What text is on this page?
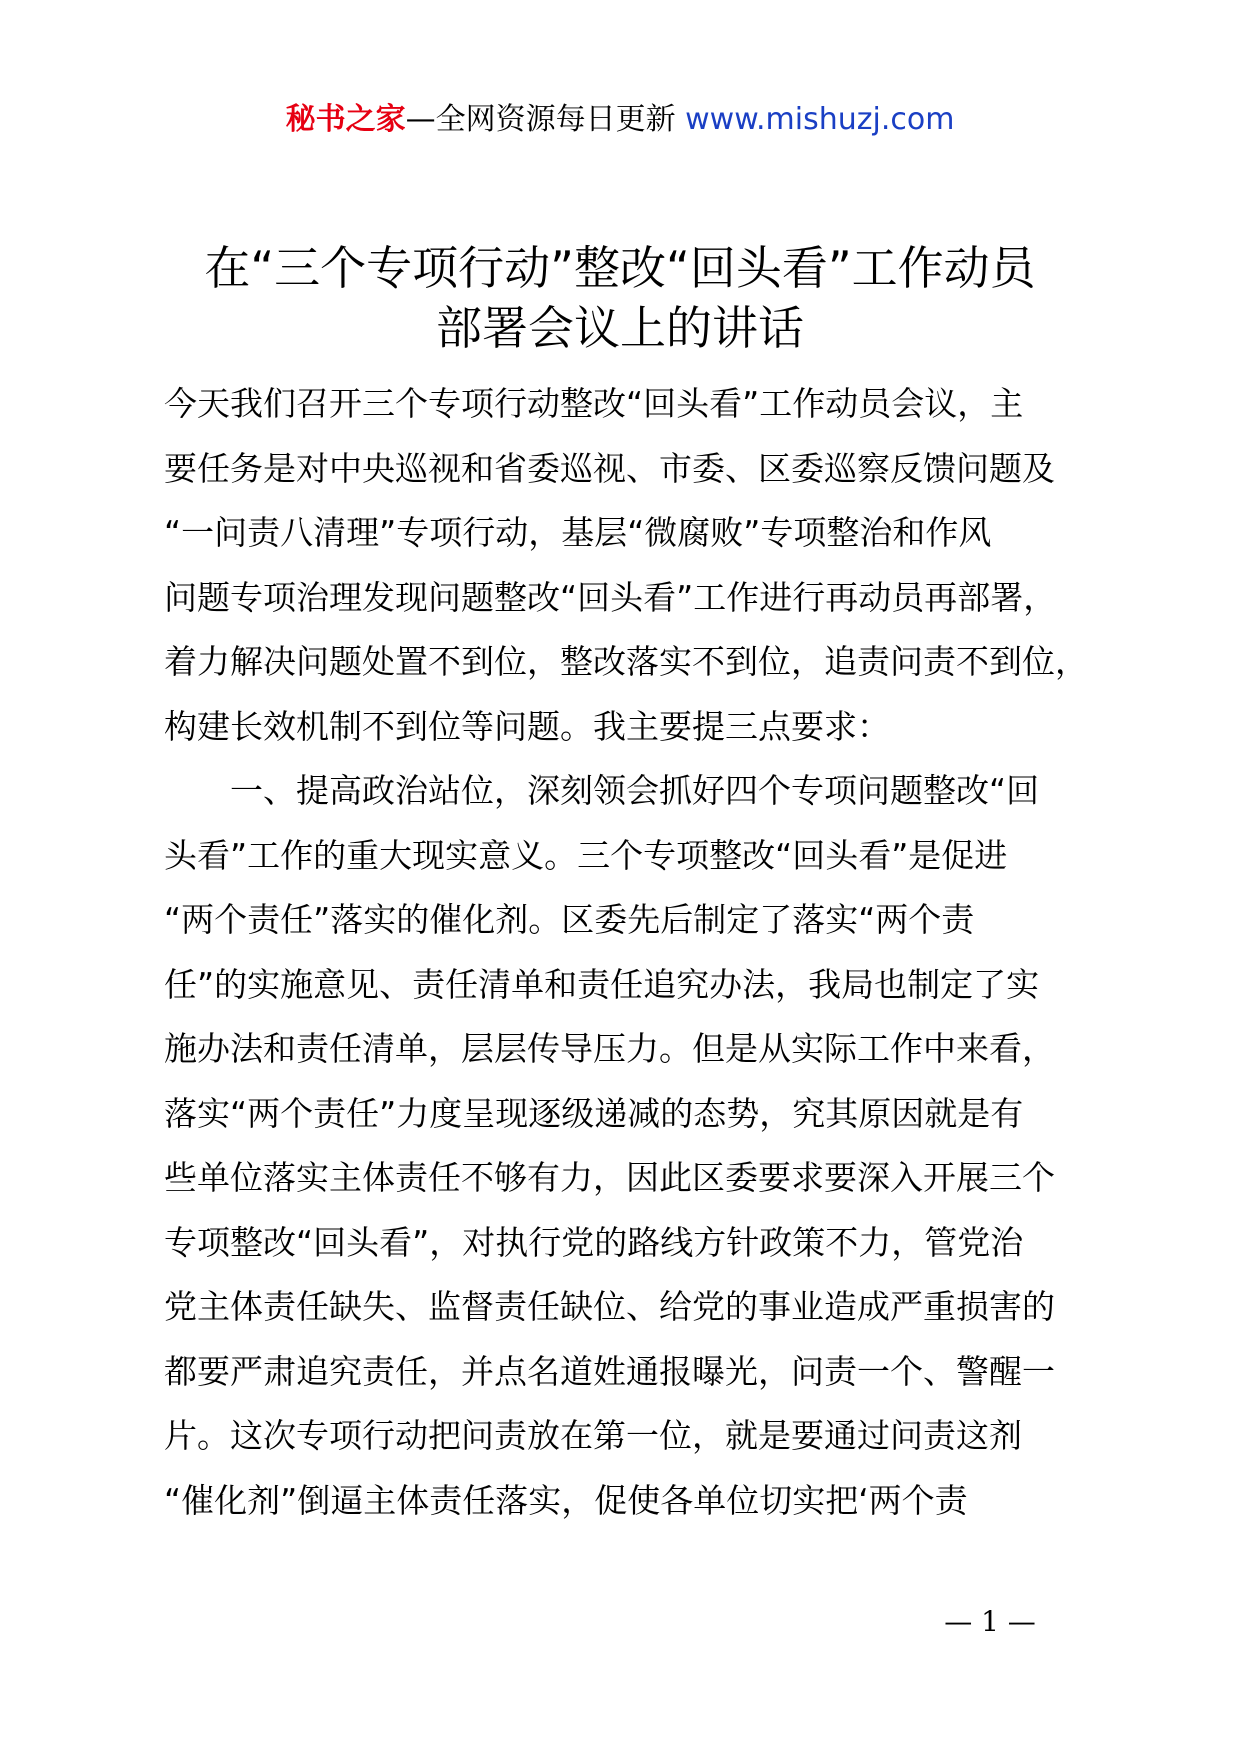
秘书之家—全网资源每日更新 www.mishuzj.com
在“三个专项行动”整改“回头看”工作动员
部署会议上的讲话
今天我们召开三个专项行动整改“回头看”工作动员会议，主
要任务是对中央巡视和省委巡视、市委、区委巡察反馈问题及
“一问责八清理”专项行动，基层“微腐败”专项整治和作风
问题专项治理发现问题整改“回头看”工作进行再动员再部署，
着力解决问题处置不到位，整改落实不到位，追责问责不到位，
构建长效机制不到位等问题。我主要提三点要求：
一、提高政治站位，深刻领会抓好四个专项问题整改“回
头看”工作的重大现实意义。三个专项整改“回头看”是促进
“两个责任”落实的催化剂。区委先后制定了落实“两个责
任”的实施意见、责任清单和责任追究办法，我局也制定了实
施办法和责任清单，层层传导压力。但是从实际工作中来看，
落实“两个责任”力度呈现逐级递减的态势，究其原因就是有
些单位落实主体责任不够有力，因此区委要求要深入开展三个
专项整改“回头看”，对执行党的路线方针政策不力，管党治
党主体责任缺失、监督责任缺位、给党的事业造成严重损害的
都要严肃追究责任，并点名道姓通报曝光，问责一个、警醒一
片。这次专项行动把问责放在第一位，就是要通过问责这剂
“催化剂”倒逼主体责任落实，促使各单位切实把‘两个责
— 1 —
